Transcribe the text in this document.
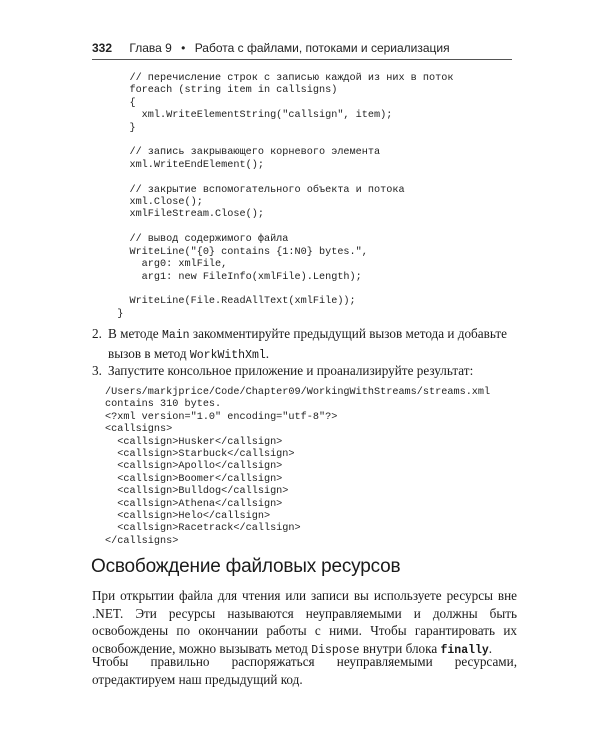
332 Глава 9 • Работа с файлами, потоками и сериализация
// перечисление строк с записью каждой из них в поток
foreach (string item in callsigns)
{
xml.WriteElementString("callsign", item);
}

// запись закрывающего корневого элемента
xml.WriteEndElement();

// закрытие вспомогательного объекта и потока
xml.Close();
xmlFileStream.Close();

// вывод содержимого файла
WriteLine("{0} contains {1:N0} bytes.",
arg0: xmlFile,
arg1: new FileInfo(xmlFile).Length);

WriteLine(File.ReadAllText(xmlFile));
}
2. В методе Main закомментируйте предыдущий вызов метода и добавьте вызов в метод WorkWithXml.
3. Запустите консольное приложение и проанализируйте результат:
/Users/markjprice/Code/Chapter09/WorkingWithStreams/streams.xml
contains 310 bytes.
<?xml version="1.0" encoding="utf-8"?>
<callsigns>
<callsign>Husker</callsign>
<callsign>Starbuck</callsign>
<callsign>Apollo</callsign>
<callsign>Boomer</callsign>
<callsign>Bulldog</callsign>
<callsign>Athena</callsign>
<callsign>Helo</callsign>
<callsign>Racetrack</callsign>
</callsigns>
Освобождение файловых ресурсов

При открытии файла для чтения или записи вы используете ресурсы вне .NET. Эти ресурсы называются неуправляемыми и должны быть освобождены по окончании работы с ними. Чтобы гарантировать их освобождение, можно вызывать метод Dispose внутри блока finally.

Чтобы правильно распоряжаться неуправляемыми ресурсами, отредактируем наш предыдущий код.
